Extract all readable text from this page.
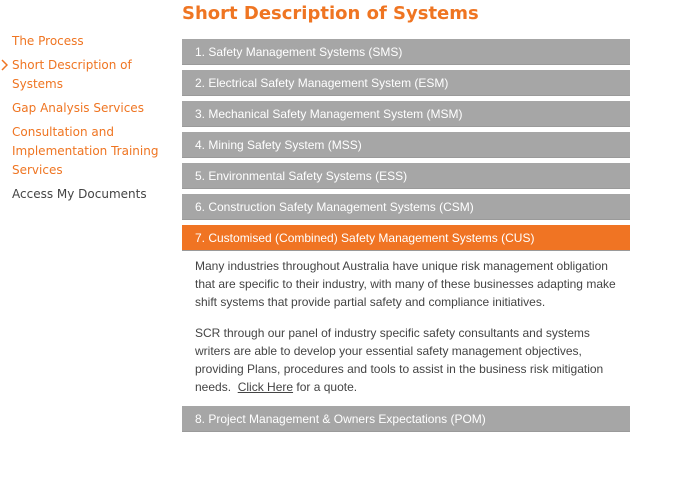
The Process
Short Description of Systems
Gap Analysis Services
Consultation and Implementation Training Services
Access My Documents
Short Description of Systems
1. Safety Management Systems (SMS)
2. Electrical Safety Management System (ESM)
3. Mechanical Safety Management System (MSM)
4. Mining Safety System (MSS)
5. Environmental Safety Systems (ESS)
6. Construction Safety Management Systems (CSM)
7. Customised (Combined) Safety Management Systems (CUS)

Many industries throughout Australia have unique risk management obligation that are specific to their industry, with many of these businesses adapting make shift systems that provide partial safety and compliance initiatives.

SCR through our panel of industry specific safety consultants and systems writers are able to develop your essential safety management objectives, providing Plans, procedures and tools to assist in the business risk mitigation needs. Click Here for a quote.

8. Project Management & Owners Expectations (POM)
